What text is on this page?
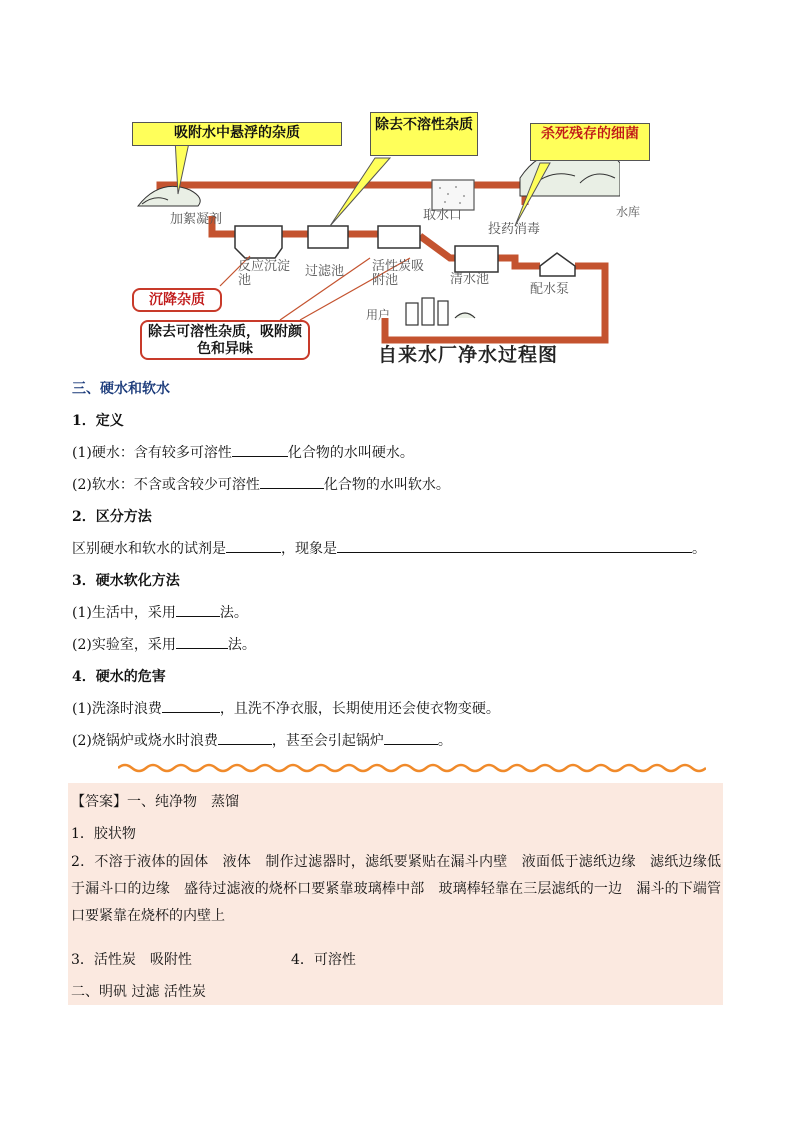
吸附水中悬浮的杂质	除去不溶性杂质
杀死残存的细菌
沉降杂质
除去可溶性杂质，吸附颜色和异味
加絮凝剂	取水口	水库
投药消毒
反应沉淀池
过滤池 活性炭吸附池	清水池
配水泵
用户
自来水厂净水过程图
三、硬水和软水
1．定义
(1)硬水：含有较多可溶性	化合物的水叫硬水。
(2)软水：不含或含较少可溶性	化合物的水叫软水。
2．区分方法
区别硬水和软水的试剂是	，现象是	。
3．硬水软化方法
(1)生活中，采用	法。
(2)实验室，采用	法。
4．硬水的危害
(1)洗涤时浪费	，且洗不净衣服，长期使用还会使衣物变硬。
(2)烧锅炉或烧水时浪费	，甚至会引起锅炉	。
【答案】一、纯净物　蒸馏
1．胶状物
2．不溶于液体的固体　液体　制作过滤器时，滤纸要紧贴在漏斗内壁　液面低于滤纸边缘　滤纸边缘低于漏斗口的边缘　盛待过滤液的烧杯口要紧靠玻璃棒中部　玻璃棒轻靠在三层滤纸的一边　漏斗的下端管口要紧靠在烧杯的内壁上
3．活性炭　吸附性	4．可溶性
二、明矾 过滤 活性炭
